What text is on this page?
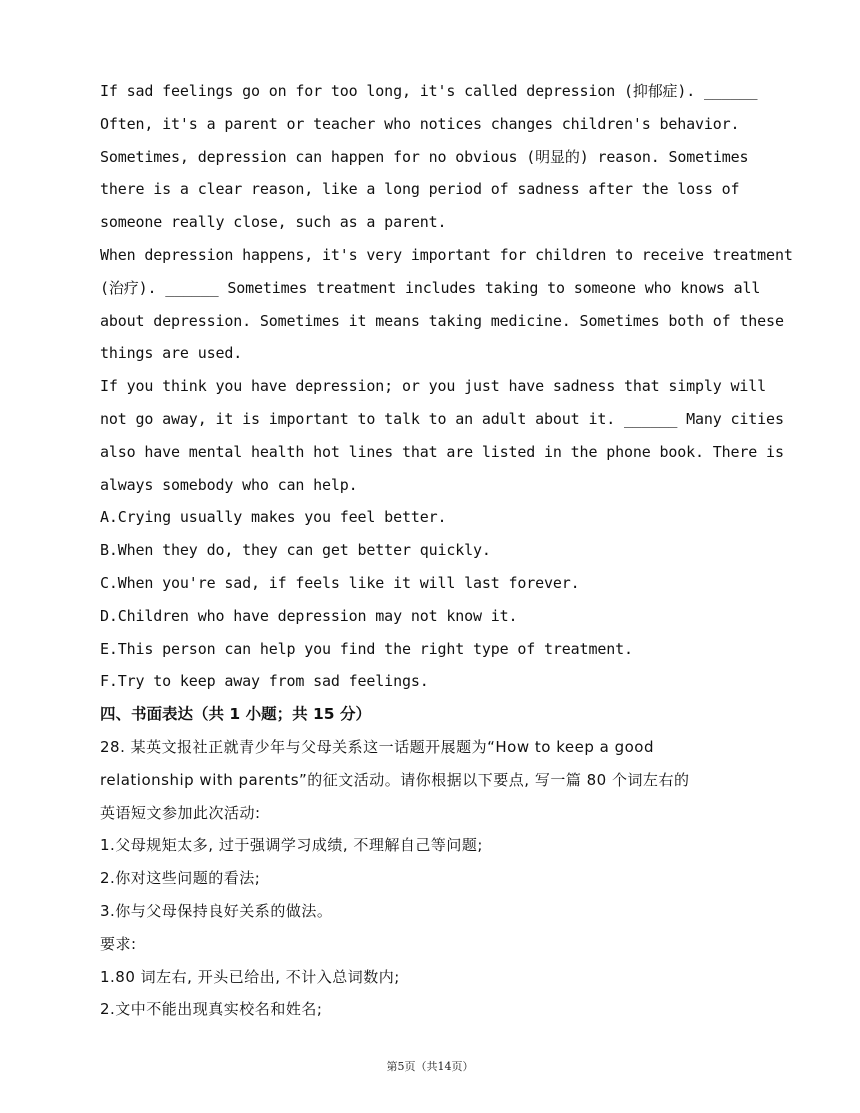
If sad feelings go on for too long, it's called depression (抑郁症). ______
Often, it's a parent or teacher who notices changes children's behavior.
Sometimes, depression can happen for no obvious (明显的) reason. Sometimes
there is a clear reason, like a long period of sadness after the loss of
someone really close, such as a parent.
When depression happens, it's very important for children to receive treatment
(治疗). ______ Sometimes treatment includes taking to someone who knows all
about depression. Sometimes it means taking medicine. Sometimes both of these
things are used.
If you think you have depression; or you just have sadness that simply will
not go away, it is important to talk to an adult about it. ______ Many cities
also have mental health hot lines that are listed in the phone book. There is
always somebody who can help.
A.Crying usually makes you feel better.
B.When they do, they can get better quickly.
C.When you're sad, if feels like it will last forever.
D.Children who have depression may not know it.
E.This person can help you find the right type of treatment.
F.Try to keep away from sad feelings.
四、书面表达（共 1 小题；共 15 分）
28. 某英文报社正就青少年与父母关系这一话题开展题为“How to keep a good
relationship with parents”的征文活动。请你根据以下要点, 写一篇 80 个词左右的
英语短文参加此次活动:
1.父母规矩太多, 过于强调学习成绩, 不理解自己等问题;
2.你对这些问题的看法;
3.你与父母保持良好关系的做法。
要求:
1.80 词左右, 开头已给出, 不计入总词数内;
2.文中不能出现真实校名和姓名;
第5页（共14页）
